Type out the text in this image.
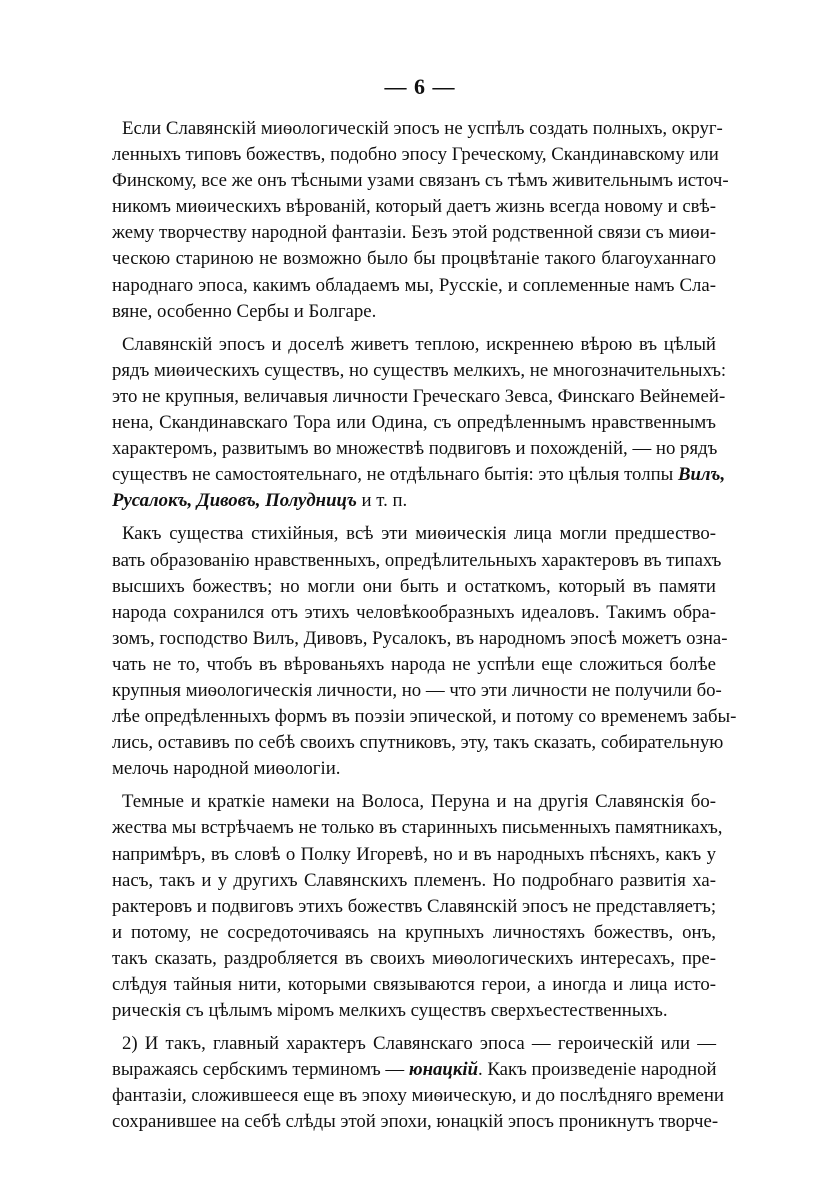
— 6 —
Если Славянскій миѳологическій эпосъ не успѣлъ создать полныхъ, округ-
ленныхъ типовъ божествъ, подобно эпосу Греческому, Скандинавскому или
Финскому, все же онъ тѣсными узами связанъ съ тѣмъ живительнымъ источ-
никомъ миѳическихъ вѣрованій, который даетъ жизнь всегда новому и свѣ-
жему творчеству народной фантазіи. Безъ этой родственной связи съ миѳи-
ческою стариною не возможно было бы процвѣтаніе такого благоуханнаго
народнаго эпоса, какимъ обладаемъ мы, Русскіе, и соплеменные намъ Сла-
вяне, особенно Сербы и Болгаре.
Славянскій эпосъ и доселѣ живетъ теплою, искреннею вѣрою въ цѣлый
рядъ миѳическихъ существъ, но существъ мелкихъ, не многозначительныхъ:
это не крупныя, величавыя личности Греческаго Зевса, Финскаго Вейнемей-
нена, Скандинавскаго Тора или Одина, съ опредѣленнымъ нравственнымъ
характеромъ, развитымъ во множествѣ подвиговъ и похожденій, — но рядъ
существъ не самостоятельнаго, не отдѣльнаго бытія: это цѣлыя толпы Вилъ,
Русалокъ, Дивовъ, Полудницъ и т. п.
Какъ существа стихійныя, всѣ эти миѳическія лица могли предшество-
вать образованію нравственныхъ, опредѣлительныхъ характеровъ въ типахъ
высшихъ божествъ; но могли они быть и остаткомъ, который въ памяти
народа сохранился отъ этихъ человѣкообразныхъ идеаловъ. Такимъ обра-
зомъ, господство Вилъ, Дивовъ, Русалокъ, въ народномъ эпосѣ можетъ озна-
чать не то, чтобъ въ вѣрованьяхъ народа не успѣли еще сложиться болѣе
крупныя миѳологическія личности, но — что эти личности не получили бо-
лѣе опредѣленныхъ формъ въ поэзіи эпической, и потому со временемъ забы-
лись, оставивъ по себѣ своихъ спутниковъ, эту, такъ сказать, собирательную
мелочь народной миѳологіи.
Темные и краткіе намеки на Волоса, Перуна и на другія Славянскія бо-
жества мы встрѣчаемъ не только въ старинныхъ письменныхъ памятникахъ,
напримѣръ, въ словѣ о Полку Игоревѣ, но и въ народныхъ пѣсняхъ, какъ у
насъ, такъ и у другихъ Славянскихъ племенъ. Но подробнаго развитія ха-
рактеровъ и подвиговъ этихъ божествъ Славянскій эпосъ не представляетъ;
и потому, не сосредоточиваясь на крупныхъ личностяхъ божествъ, онъ,
такъ сказать, раздробляется въ своихъ миѳологическихъ интересахъ, пре-
слѣдуя тайныя нити, которыми связываются герои, а иногда и лица исто-
рическія съ цѣлымъ міромъ мелкихъ существъ сверхъестественныхъ.
2) И такъ, главный характеръ Славянскаго эпоса — героическій или —
выражаясь сербскимъ терминомъ — юнацкій. Какъ произведеніе народной
фантазіи, сложившееся еще въ эпоху миѳическую, и до послѣдняго времени
сохранившее на себѣ слѣды этой эпохи, юнацкій эпосъ проникнутъ творче-
